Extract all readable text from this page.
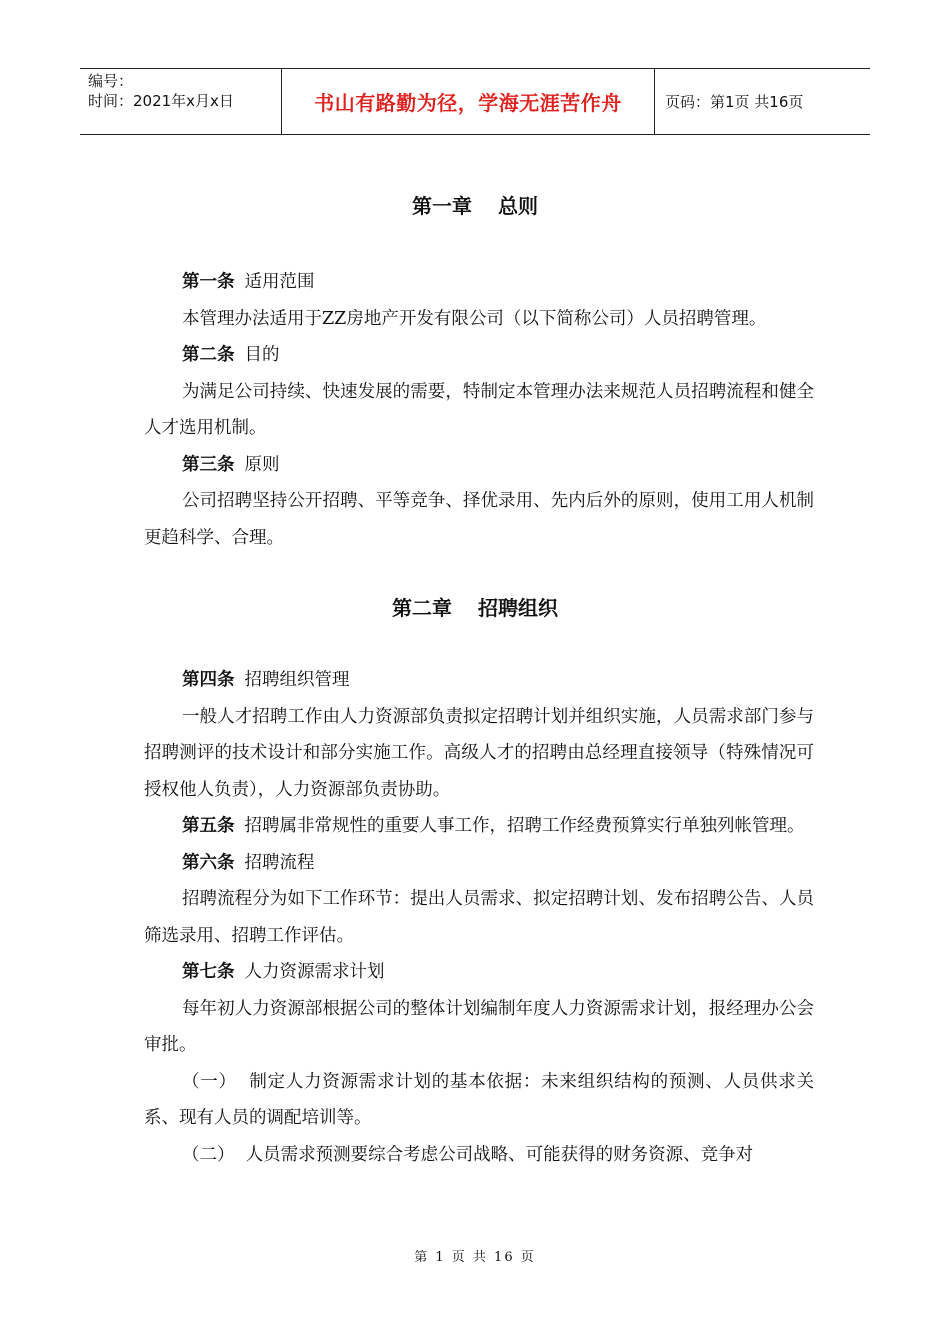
编号：
时间：2021年x月x日	书山有路勤为径，学海无涯苦作舟	页码：第1页 共16页
第一章 总则

第一条 适用范围

本管理办法适用于ZZ房地产开发有限公司（以下简称公司）人员招聘管理。

第二条 目的

为满足公司持续、快速发展的需要，特制定本管理办法来规范人员招聘流程和健全人才选用机制。

第三条 原则

公司招聘坚持公开招聘、平等竞争、择优录用、先内后外的原则，使用工用人机制更趋科学、合理。

第二章 招聘组织

第四条 招聘组织管理

一般人才招聘工作由人力资源部负责拟定招聘计划并组织实施，人员需求部门参与招聘测评的技术设计和部分实施工作。高级人才的招聘由总经理直接领导（特殊情况可授权他人负责），人力资源部负责协助。

第五条 招聘属非常规性的重要人事工作，招聘工作经费预算实行单独列帐管理。

第六条 招聘流程

招聘流程分为如下工作环节：提出人员需求、拟定招聘计划、发布招聘公告、人员筛选录用、招聘工作评估。

第七条 人力资源需求计划

每年初人力资源部根据公司的整体计划编制年度人力资源需求计划，报经理办公会审批。

（一）  制定人力资源需求计划的基本依据：未来组织结构的预测、人员供求关系、现有人员的调配培训等。

（二）  人员需求预测要综合考虑公司战略、可能获得的财务资源、竞争对

第 1 页 共 16 页
